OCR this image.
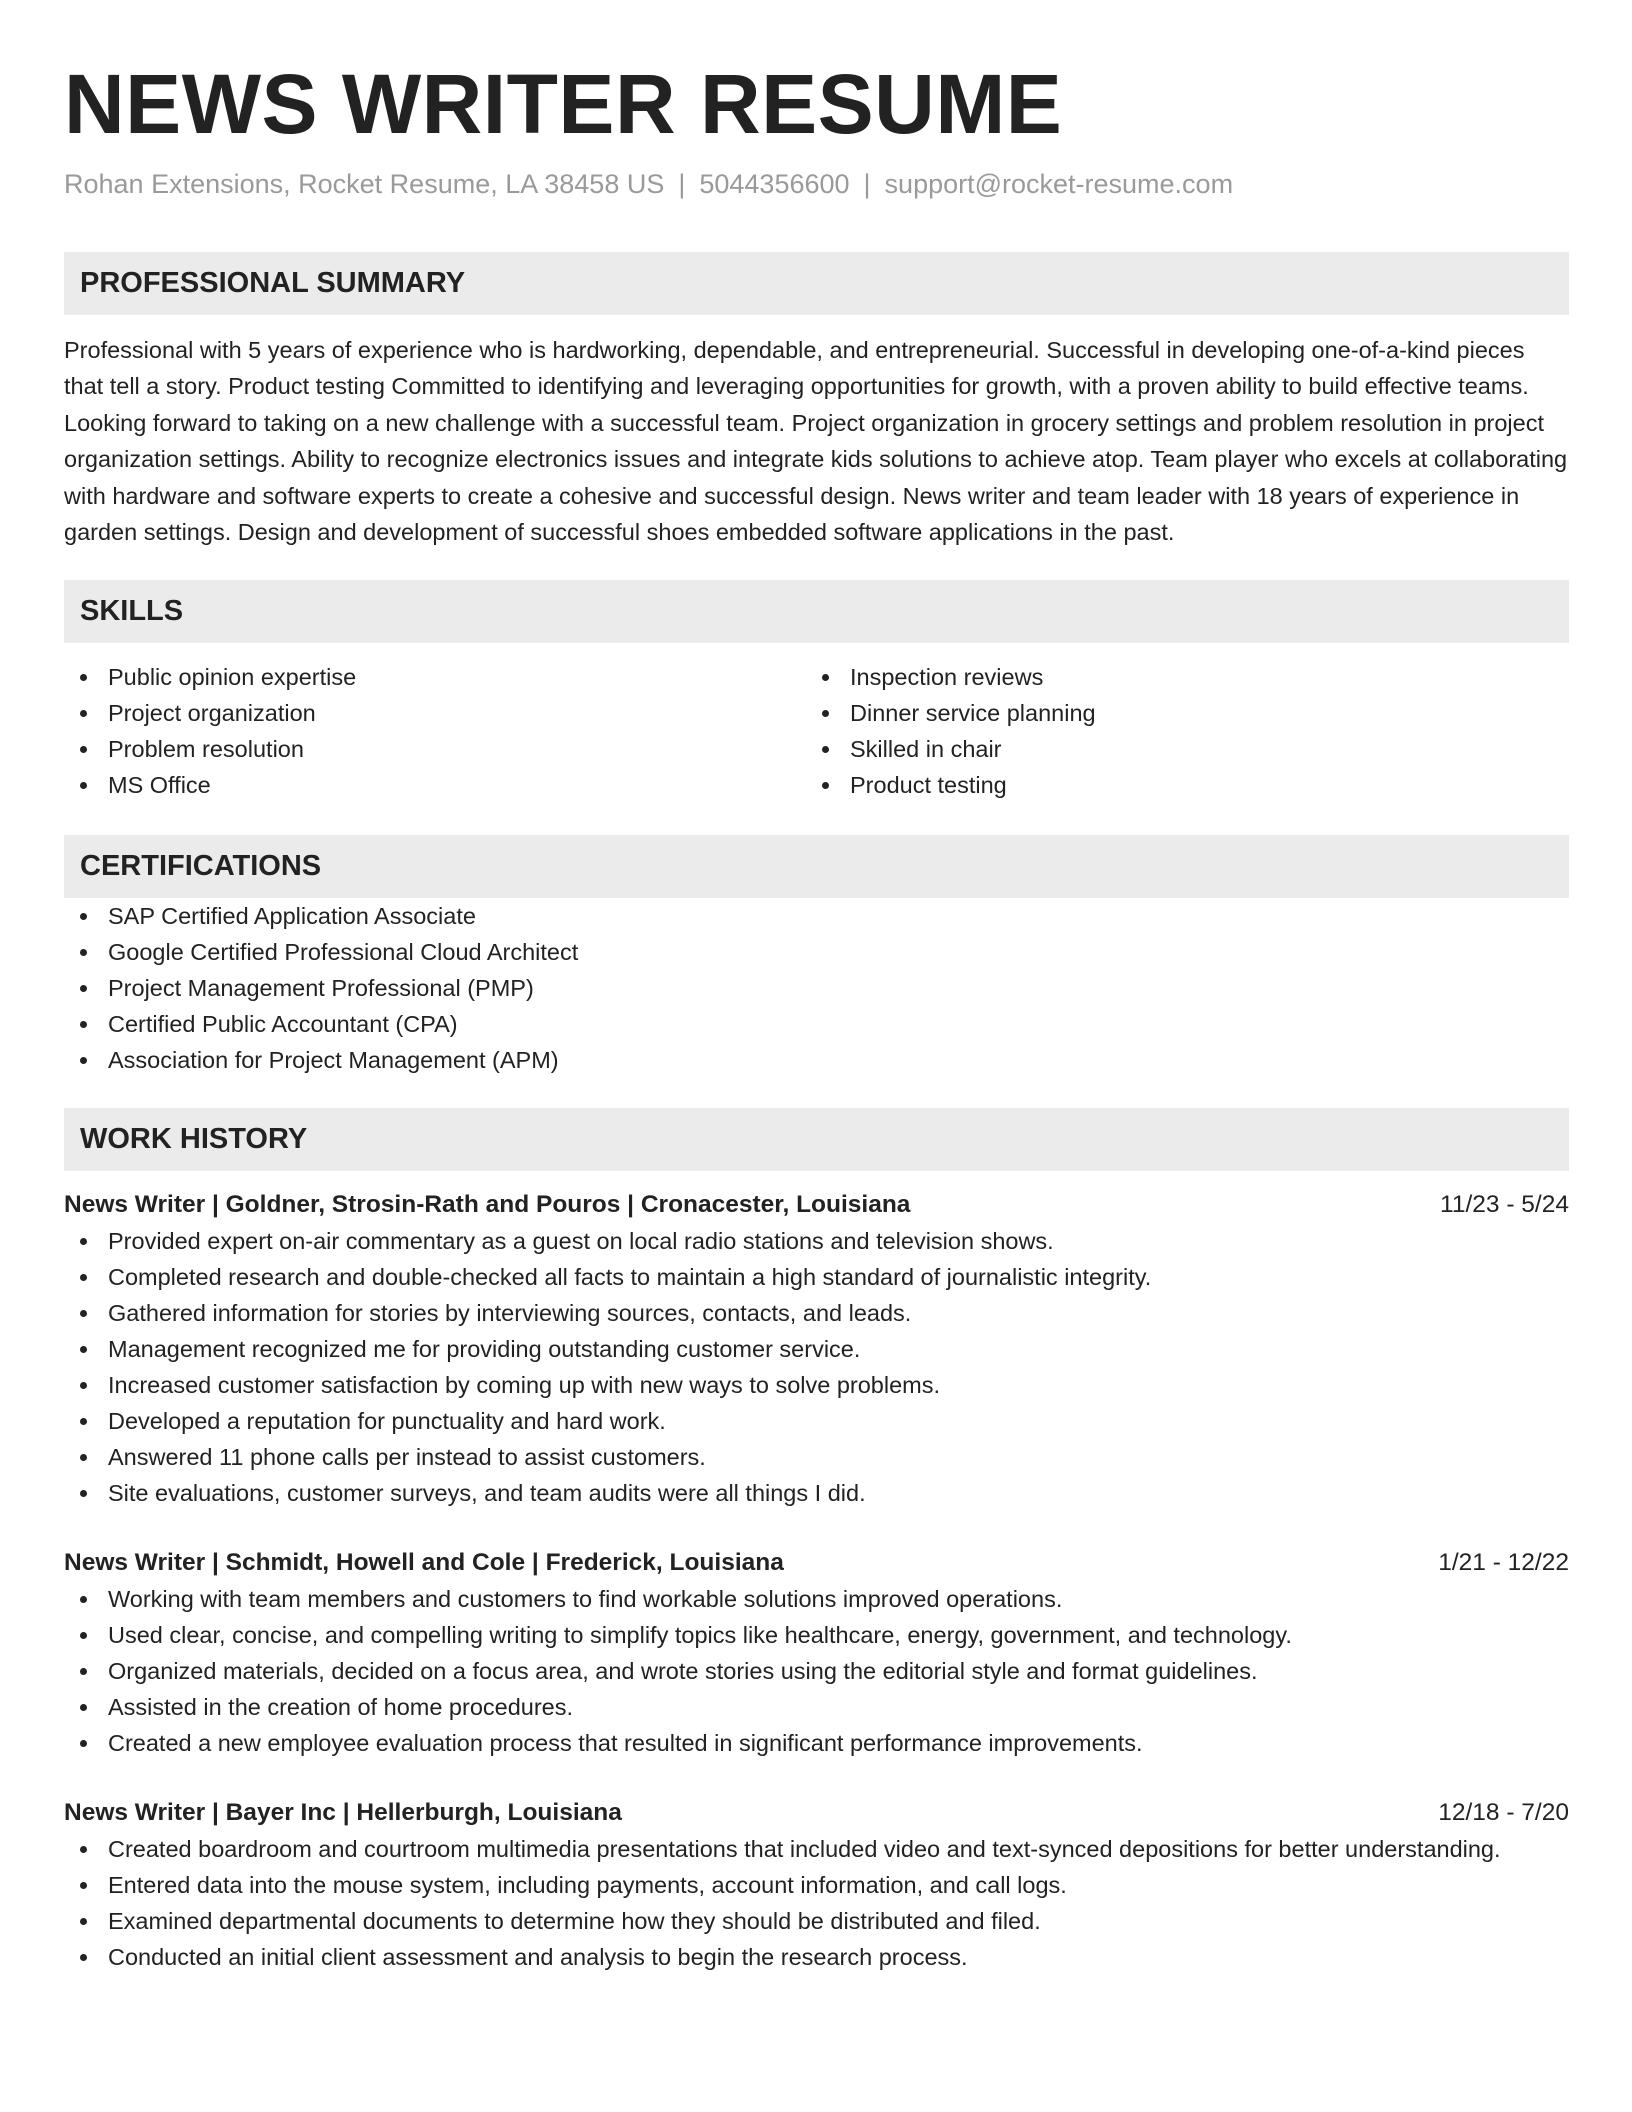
NEWS WRITER RESUME
Rohan Extensions, Rocket Resume, LA 38458 US | 5044356600 | support@rocket-resume.com
PROFESSIONAL SUMMARY

Professional with 5 years of experience who is hardworking, dependable, and entrepreneurial. Successful in developing one-of-a-kind pieces that tell a story. Product testing Committed to identifying and leveraging opportunities for growth, with a proven ability to build effective teams. Looking forward to taking on a new challenge with a successful team. Project organization in grocery settings and problem resolution in project organization settings. Ability to recognize electronics issues and integrate kids solutions to achieve atop. Team player who excels at collaborating with hardware and software experts to create a cohesive and successful design. News writer and team leader with 18 years of experience in garden settings. Design and development of successful shoes embedded software applications in the past.

SKILLS
Public opinion expertise
Project organization
Problem resolution
MS Office
Inspection reviews
Dinner service planning
Skilled in chair
Product testing
CERTIFICATIONS
SAP Certified Application Associate
Google Certified Professional Cloud Architect
Project Management Professional (PMP)
Certified Public Accountant (CPA)
Association for Project Management (APM)
WORK HISTORY
News Writer | Goldner, Strosin-Rath and Pouros | Cronacester, Louisiana	11/23 - 5/24
Provided expert on-air commentary as a guest on local radio stations and television shows.
Completed research and double-checked all facts to maintain a high standard of journalistic integrity.
Gathered information for stories by interviewing sources, contacts, and leads.
Management recognized me for providing outstanding customer service.
Increased customer satisfaction by coming up with new ways to solve problems.
Developed a reputation for punctuality and hard work.
Answered 11 phone calls per instead to assist customers.
Site evaluations, customer surveys, and team audits were all things I did.
News Writer | Schmidt, Howell and Cole | Frederick, Louisiana	1/21 - 12/22
Working with team members and customers to find workable solutions improved operations.
Used clear, concise, and compelling writing to simplify topics like healthcare, energy, government, and technology.
Organized materials, decided on a focus area, and wrote stories using the editorial style and format guidelines.
Assisted in the creation of home procedures.
Created a new employee evaluation process that resulted in significant performance improvements.
News Writer | Bayer Inc | Hellerburgh, Louisiana	12/18 - 7/20
Created boardroom and courtroom multimedia presentations that included video and text-synced depositions for better understanding.
Entered data into the mouse system, including payments, account information, and call logs.
Examined departmental documents to determine how they should be distributed and filed.
Conducted an initial client assessment and analysis to begin the research process.
